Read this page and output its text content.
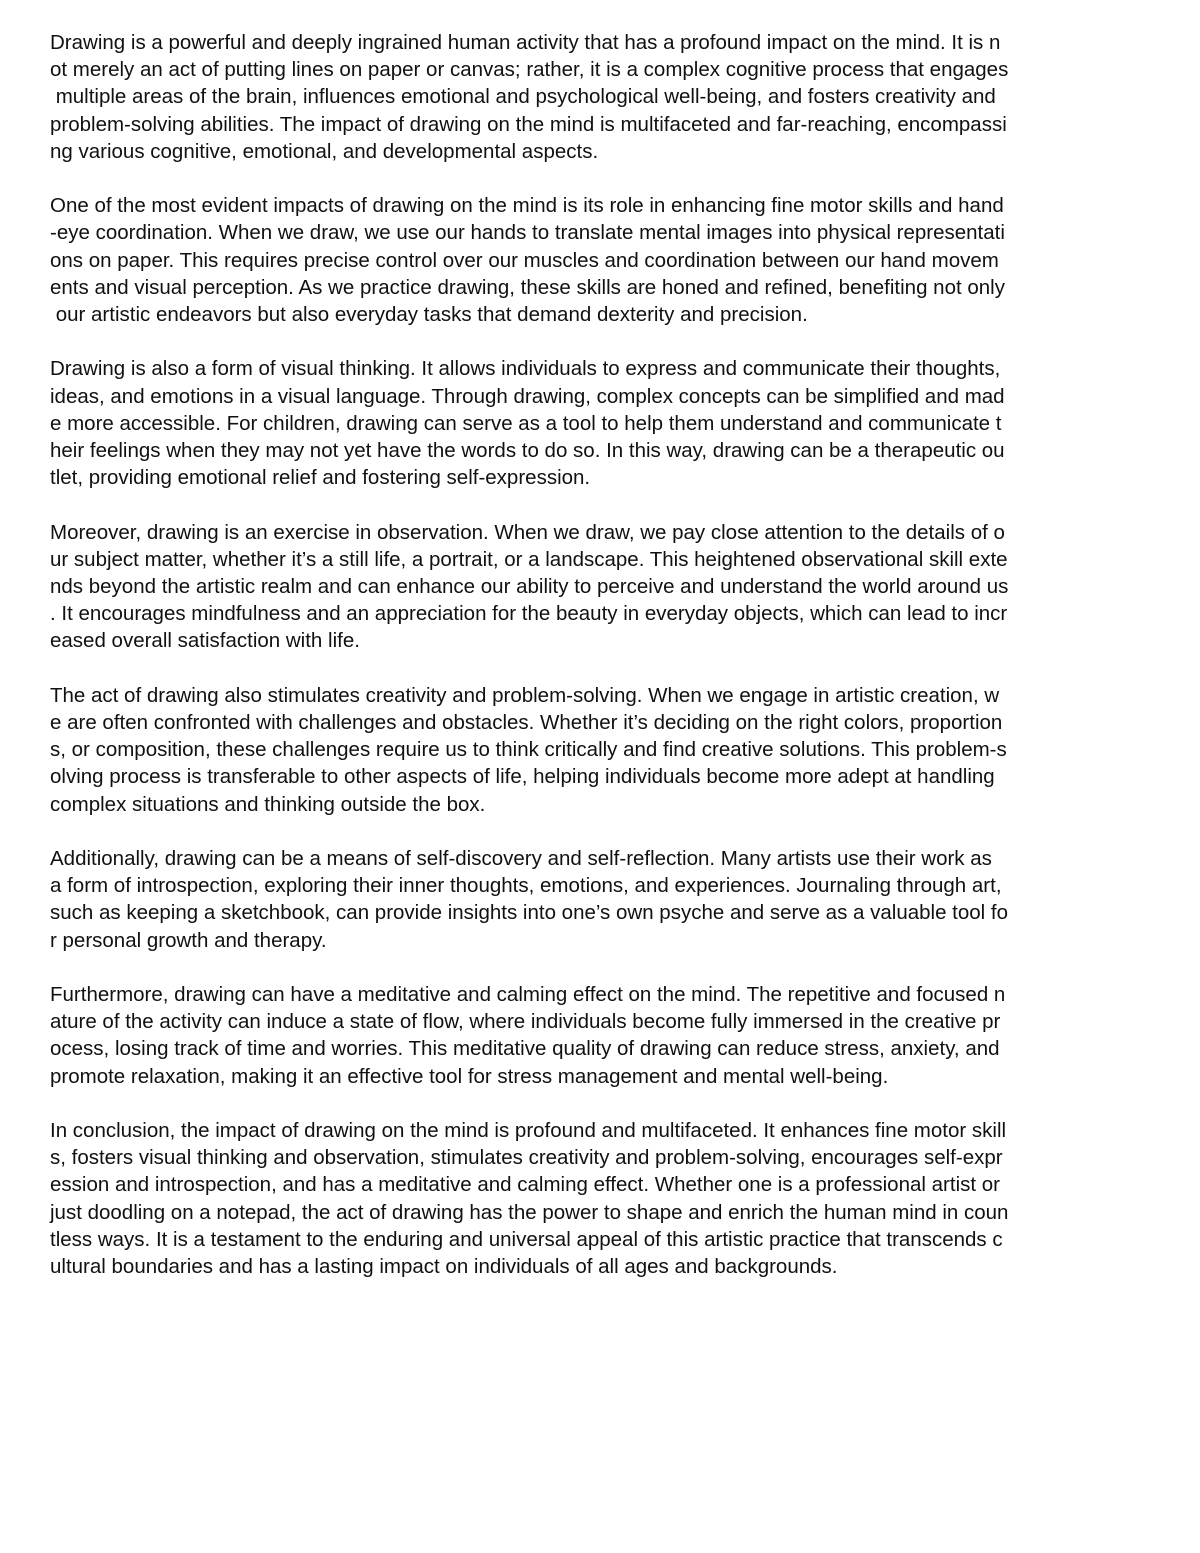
Drawing is a powerful and deeply ingrained human activity that has a profound impact on the mind. It is n
ot merely an act of putting lines on paper or canvas; rather, it is a complex cognitive process that engages
multiple areas of the brain, influences emotional and psychological well-being, and fosters creativity and
problem-solving abilities. The impact of drawing on the mind is multifaceted and far-reaching, encompassi
ng various cognitive, emotional, and developmental aspects.
One of the most evident impacts of drawing on the mind is its role in enhancing fine motor skills and hand
-eye coordination. When we draw, we use our hands to translate mental images into physical representati
ons on paper. This requires precise control over our muscles and coordination between our hand movem
ents and visual perception. As we practice drawing, these skills are honed and refined, benefiting not only
our artistic endeavors but also everyday tasks that demand dexterity and precision.
Drawing is also a form of visual thinking. It allows individuals to express and communicate their thoughts,
ideas, and emotions in a visual language. Through drawing, complex concepts can be simplified and mad
e more accessible. For children, drawing can serve as a tool to help them understand and communicate t
heir feelings when they may not yet have the words to do so. In this way, drawing can be a therapeutic ou
tlet, providing emotional relief and fostering self-expression.
Moreover, drawing is an exercise in observation. When we draw, we pay close attention to the details of o
ur subject matter, whether it’s a still life, a portrait, or a landscape. This heightened observational skill exte
nds beyond the artistic realm and can enhance our ability to perceive and understand the world around us
. It encourages mindfulness and an appreciation for the beauty in everyday objects, which can lead to incr
eased overall satisfaction with life.
The act of drawing also stimulates creativity and problem-solving. When we engage in artistic creation, w
e are often confronted with challenges and obstacles. Whether it’s deciding on the right colors, proportion
s, or composition, these challenges require us to think critically and find creative solutions. This problem-s
olving process is transferable to other aspects of life, helping individuals become more adept at handling
complex situations and thinking outside the box.
Additionally, drawing can be a means of self-discovery and self-reflection. Many artists use their work as
a form of introspection, exploring their inner thoughts, emotions, and experiences. Journaling through art,
such as keeping a sketchbook, can provide insights into one’s own psyche and serve as a valuable tool fo
r personal growth and therapy.
Furthermore, drawing can have a meditative and calming effect on the mind. The repetitive and focused n
ature of the activity can induce a state of flow, where individuals become fully immersed in the creative pr
ocess, losing track of time and worries. This meditative quality of drawing can reduce stress, anxiety, and
promote relaxation, making it an effective tool for stress management and mental well-being.
In conclusion, the impact of drawing on the mind is profound and multifaceted. It enhances fine motor skill
s, fosters visual thinking and observation, stimulates creativity and problem-solving, encourages self-expr
ession and introspection, and has a meditative and calming effect. Whether one is a professional artist or
just doodling on a notepad, the act of drawing has the power to shape and enrich the human mind in coun
tless ways. It is a testament to the enduring and universal appeal of this artistic practice that transcends c
ultural boundaries and has a lasting impact on individuals of all ages and backgrounds.
